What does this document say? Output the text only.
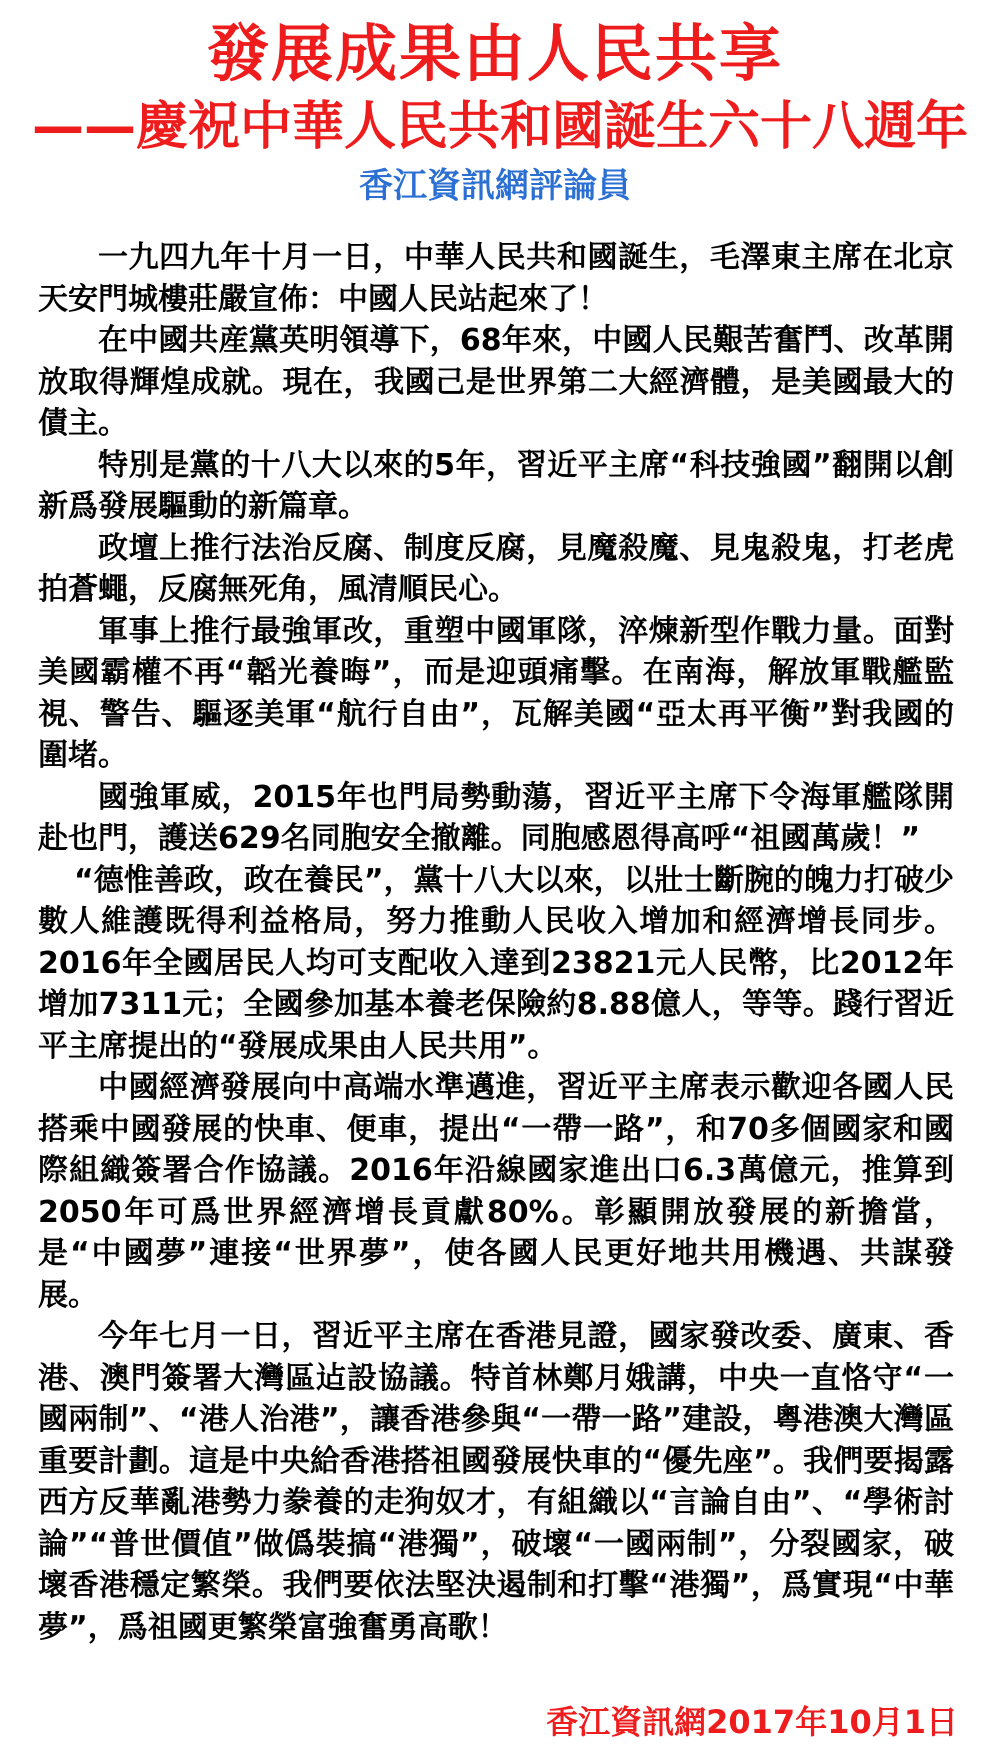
發展成果由人民共享
——慶祝中華人民共和國誕生六十八週年
香江資訊網評論員

一九四九年十月一日，中華人民共和國誕生，毛澤東主席在北京天安門城樓莊嚴宣佈：中國人民站起來了！

在中國共産黨英明領導下，68年來，中國人民艱苦奮鬥、改革開放取得輝煌成就。現在，我國己是世界第二大經濟體，是美國最大的債主。

特別是黨的十八大以來的5年，習近平主席“科技強國”翻開以創新爲發展驅動的新篇章。

政壇上推行法治反腐、制度反腐，見魔殺魔、見鬼殺鬼，打老虎拍蒼蠅，反腐無死角，風清順民心。

軍事上推行最強軍改，重塑中國軍隊，淬煉新型作戰力量。面對美國霸權不再“韜光養晦”，而是迎頭痛擊。在南海，解放軍戰艦監視、警告、驅逐美軍“航行自由”，瓦解美國“亞太再平衡”對我國的圍堵。

國強軍威，2015年也門局勢動蕩，習近平主席下令海軍艦隊開赴也門，護送629名同胞安全撤離。同胞感恩得高呼“祖國萬歲！”

“德惟善政，政在養民”，黨十八大以來，以壯士斷腕的魄力打破少數人維護既得利益格局，努力推動人民收入增加和經濟增長同步。2016年全國居民人均可支配收入達到23821元人民幣，比2012年增加7311元；全國參加基本養老保險約8.88億人，等等。踐行習近平主席提出的“發展成果由人民共用”。

中國經濟發展向中高端水準邁進，習近平主席表示歡迎各國人民搭乘中國發展的快車、便車，提出“一帶一路”，和70多個國家和國際組織簽署合作協議。2016年沿線國家進出口6.3萬億元，推算到2050年可爲世界經濟增長貢獻80%。彰顯開放發展的新擔當，是“中國夢”連接“世界夢”，使各國人民更好地共用機遇、共謀發展。

今年七月一日，習近平主席在香港見證，國家發改委、廣東、香港、澳門簽署大灣區迠設協議。特首林鄭月娥講，中央一直恪守“一國兩制”、“港人治港”，讓香港參與“一帶一路”建設，粵港澳大灣區重要計劃。這是中央給香港搭祖國發展快車的“優先座”。我們要揭露西方反華亂港勢力豢養的走狗奴才，有組織以“言論自由”、“學術討論”“普世價值”做僞裝搞“港獨”，破壞“一國兩制”，分裂國家，破壞香港穩定繁榮。我們要依法堅決遏制和打擊“港獨”，爲實現“中華夢”，爲祖國更繁榮富強奮勇高歌！

香江資訊網2017年10月1日
